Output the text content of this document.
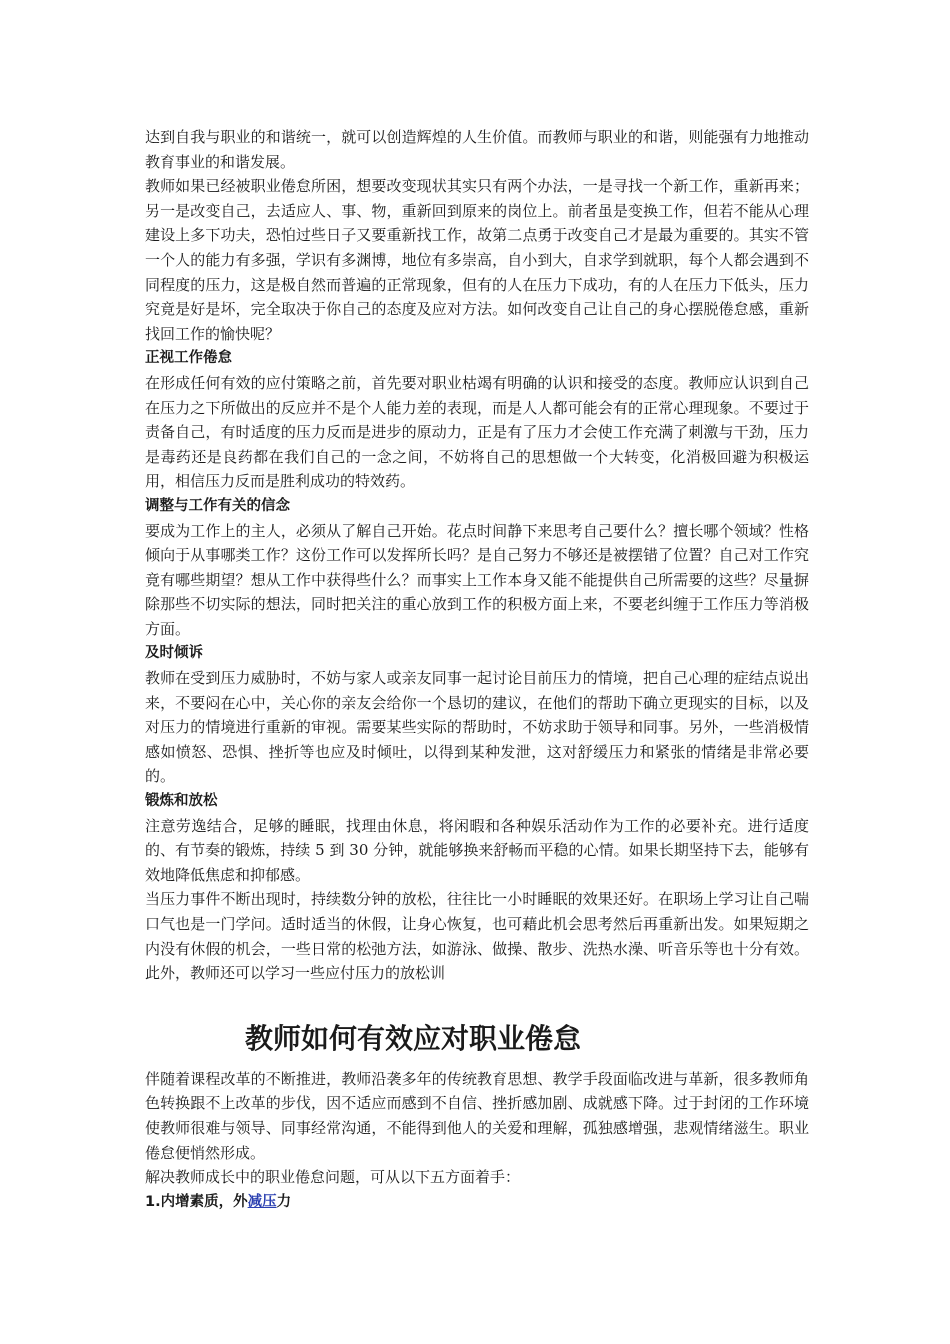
达到自我与职业的和谐统一，就可以创造辉煌的人生价值。而教师与职业的和谐，则能强有力地推动教育事业的和谐发展。

教师如果已经被职业倦怠所困，想要改变现状其实只有两个办法，一是寻找一个新工作，重新再来；另一是改变自己，去适应人、事、物，重新回到原来的岗位上。前者虽是变换工作，但若不能从心理建设上多下功夫，恐怕过些日子又要重新找工作，故第二点勇于改变自己才是最为重要的。其实不管一个人的能力有多强，学识有多渊博，地位有多崇高，自小到大，自求学到就职，每个人都会遇到不同程度的压力，这是极自然而普遍的正常现象，但有的人在压力下成功，有的人在压力下低头，压力究竟是好是坏，完全取决于你自己的态度及应对方法。如何改变自己让自己的身心摆脱倦怠感，重新找回工作的愉快呢？

正视工作倦怠

在形成任何有效的应付策略之前，首先要对职业枯竭有明确的认识和接受的态度。教师应认识到自己在压力之下所做出的反应并不是个人能力差的表现，而是人人都可能会有的正常心理现象。不要过于责备自己，有时适度的压力反而是进步的原动力，正是有了压力才会使工作充满了刺激与干劲，压力是毒药还是良药都在我们自己的一念之间，不妨将自己的思想做一个大转变，化消极回避为积极运用，相信压力反而是胜利成功的特效药。

调整与工作有关的信念

要成为工作上的主人，必须从了解自己开始。花点时间静下来思考自己要什么？擅长哪个领域？性格倾向于从事哪类工作？这份工作可以发挥所长吗？是自己努力不够还是被摆错了位置？自己对工作究竟有哪些期望？想从工作中获得些什么？而事实上工作本身又能不能提供自己所需要的这些？尽量摒除那些不切实际的想法，同时把关注的重心放到工作的积极方面上来，不要老纠缠于工作压力等消极方面。

及时倾诉

教师在受到压力威胁时，不妨与家人或亲友同事一起讨论目前压力的情境，把自己心理的症结点说出来，不要闷在心中，关心你的亲友会给你一个恳切的建议，在他们的帮助下确立更现实的目标，以及对压力的情境进行重新的审视。需要某些实际的帮助时，不妨求助于领导和同事。另外，一些消极情感如愤怒、恐惧、挫折等也应及时倾吐，以得到某种发泄，这对舒缓压力和紧张的情绪是非常必要的。

锻炼和放松

注意劳逸结合，足够的睡眠，找理由休息，将闲暇和各种娱乐活动作为工作的必要补充。进行适度的、有节奏的锻炼，持续 5 到 30 分钟，就能够换来舒畅而平稳的心情。如果长期坚持下去，能够有效地降低焦虑和抑郁感。

当压力事件不断出现时，持续数分钟的放松，往往比一小时睡眠的效果还好。在职场上学习让自己喘口气也是一门学问。适时适当的休假，让身心恢复，也可藉此机会思考然后再重新出发。如果短期之内没有休假的机会，一些日常的松弛方法，如游泳、做操、散步、洗热水澡、听音乐等也十分有效。此外，教师还可以学习一些应付压力的放松训

教师如何有效应对职业倦怠

伴随着课程改革的不断推进，教师沿袭多年的传统教育思想、教学手段面临改进与革新，很多教师角色转换跟不上改革的步伐，因不适应而感到不自信、挫折感加剧、成就感下降。过于封闭的工作环境使教师很难与领导、同事经常沟通，不能得到他人的关爱和理解，孤独感增强，悲观情绪滋生。职业倦怠便悄然形成。

解决教师成长中的职业倦怠问题，可从以下五方面着手：

1.内增素质，外减压力
